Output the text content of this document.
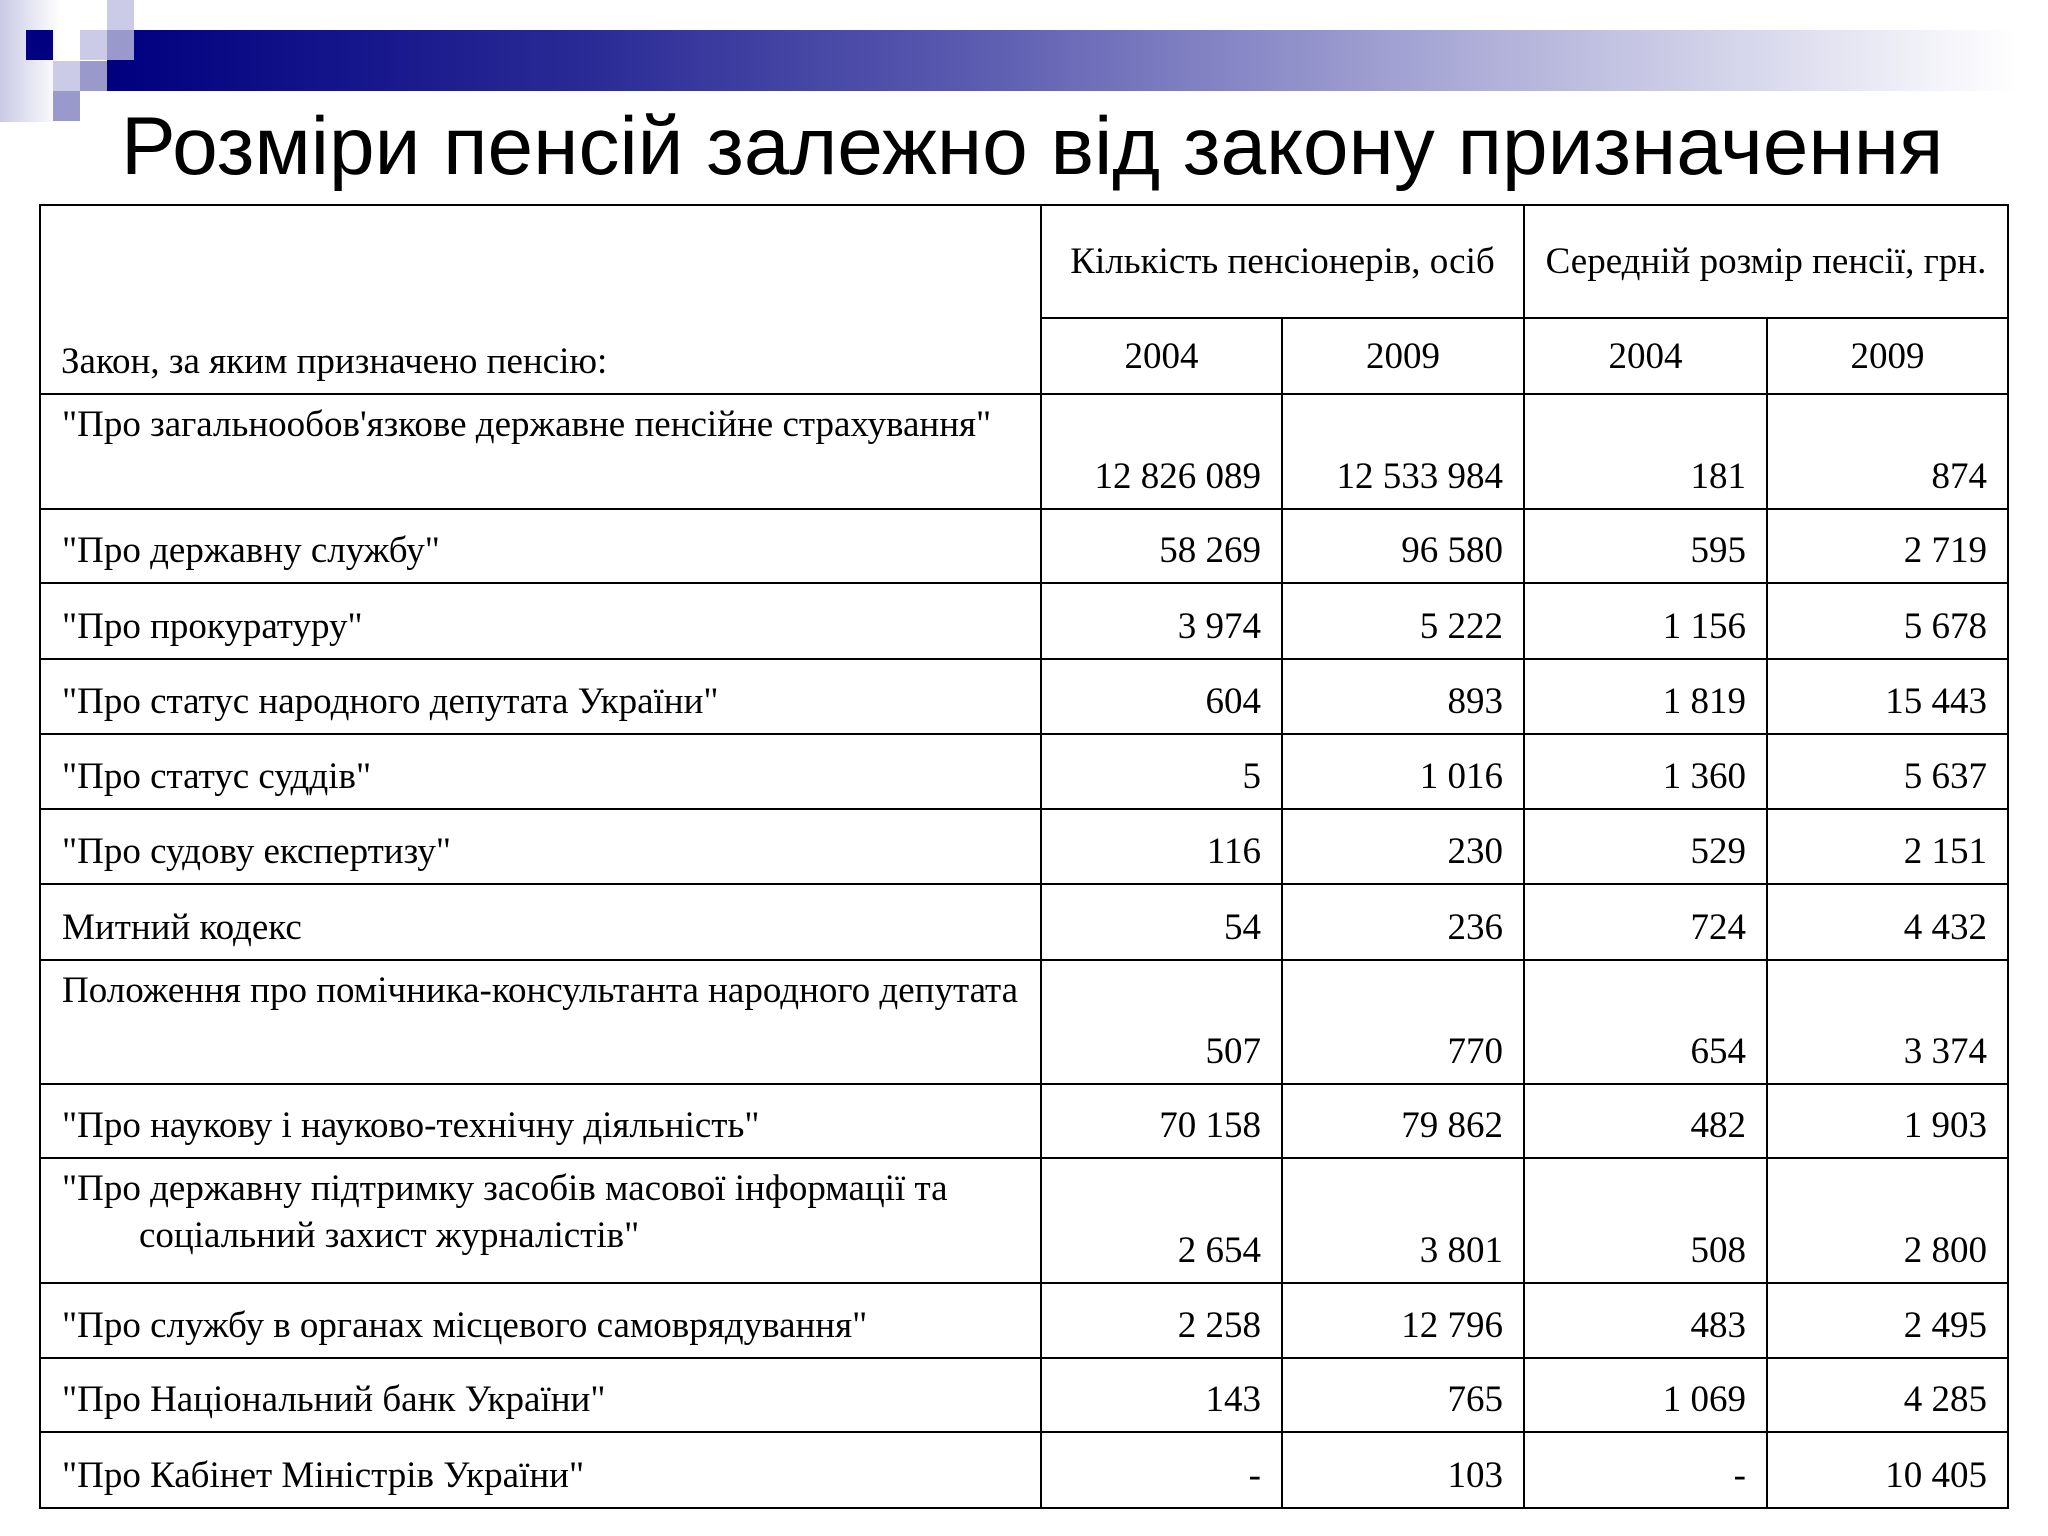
Розміри пенсій залежно від закону призначення
Закон, за яким призначено пенсію:	Кількість пенсіонерів, осіб		Середній розмір пенсії, грн.	
	2004	2009	2004	2009
"Про загальнообов'язкове державне пенсійне страхування"	12 826 089	12 533 984	181	874
"Про державну службу"	58 269	96 580	595	2 719
"Про прокуратуру"	3 974	5 222	1 156	5 678
"Про статус народного депутата України"	604	893	1 819	15 443
"Про статус суддів"	5	1 016	1 360	5 637
"Про судову експертизу"	116	230	529	2 151
Митний кодекс	54	236	724	4 432
Положення про помічника-консультанта народного депутата	507	770	654	3 374
"Про наукову і науково-технічну діяльність"	70 158	79 862	482	1 903
"Про державну підтримку засобів масової інформації та соціальний захист журналістів"	2 654	3 801	508	2 800
"Про службу в органах місцевого самоврядування"	2 258	12 796	483	2 495
"Про Національний банк України"	143	765	1 069	4 285
"Про Кабінет Міністрів України"	-	103	-	10 405
